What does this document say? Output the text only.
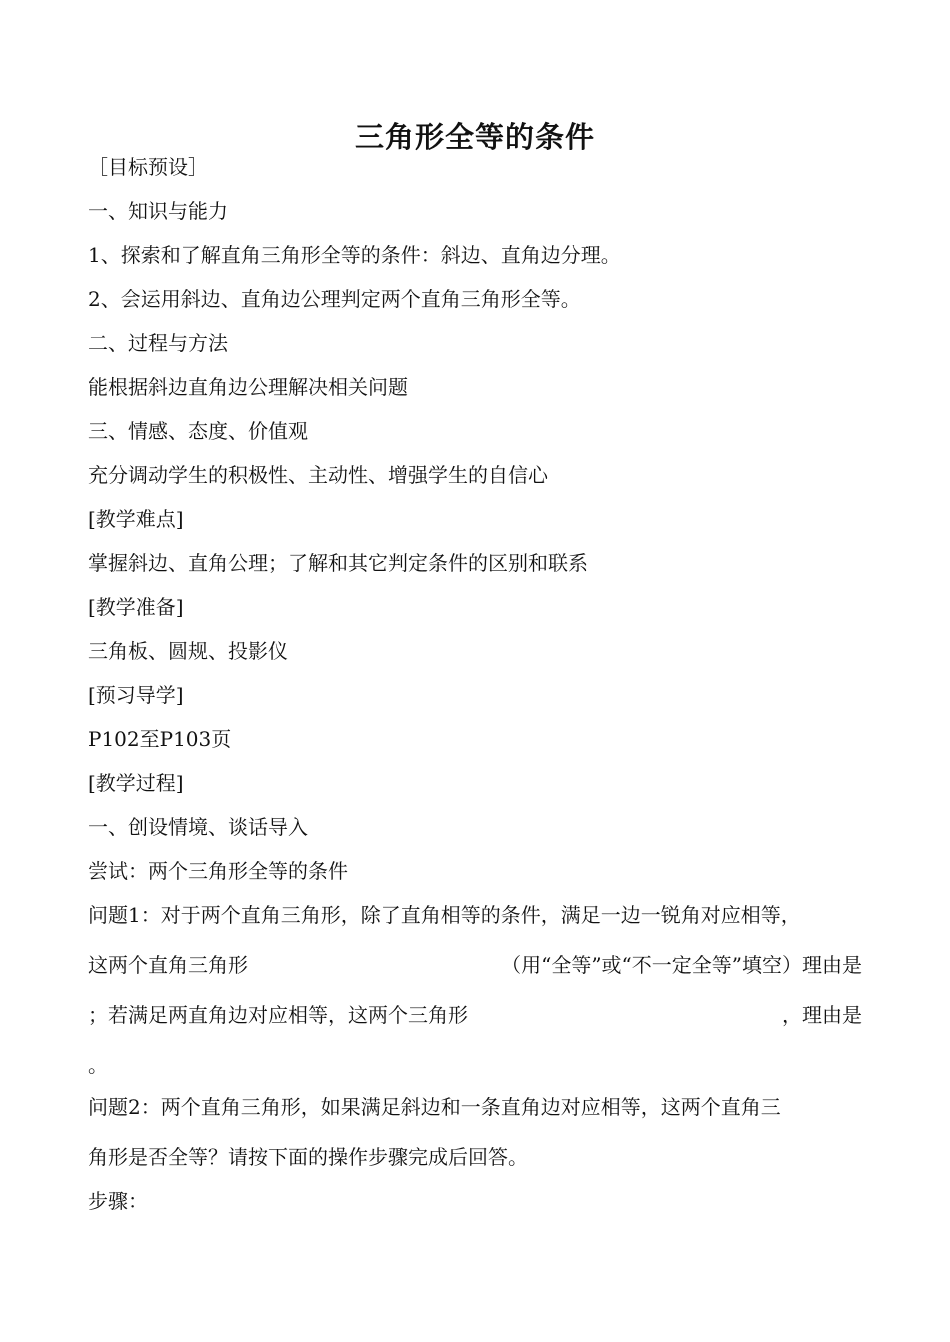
三角形全等的条件
［目标预设］
一、知识与能力
1、探索和了解直角三角形全等的条件：斜边、直角边分理。
2、会运用斜边、直角边公理判定两个直角三角形全等。
二、过程与方法
能根据斜边直角边公理解决相关问题
三、情感、态度、价值观
充分调动学生的积极性、主动性、增强学生的自信心
[教学难点]
掌握斜边、直角公理；了解和其它判定条件的区别和联系
[教学准备]
三角板、圆规、投影仪
[预习导学]
P102至P103页
[教学过程]
一、创设情境、谈话导入
尝试：两个三角形全等的条件
问题1：对于两个直角三角形，除了直角相等的条件，满足一边一锐角对应相等，
这两个直角三角形	（用“全等”或“不一定全等”填空）理由是
；若满足两直角边对应相等，这两个三角形	，理由是
。
问题2：两个直角三角形，如果满足斜边和一条直角边对应相等，这两个直角三
角形是否全等？请按下面的操作步骤完成后回答。
步骤：
